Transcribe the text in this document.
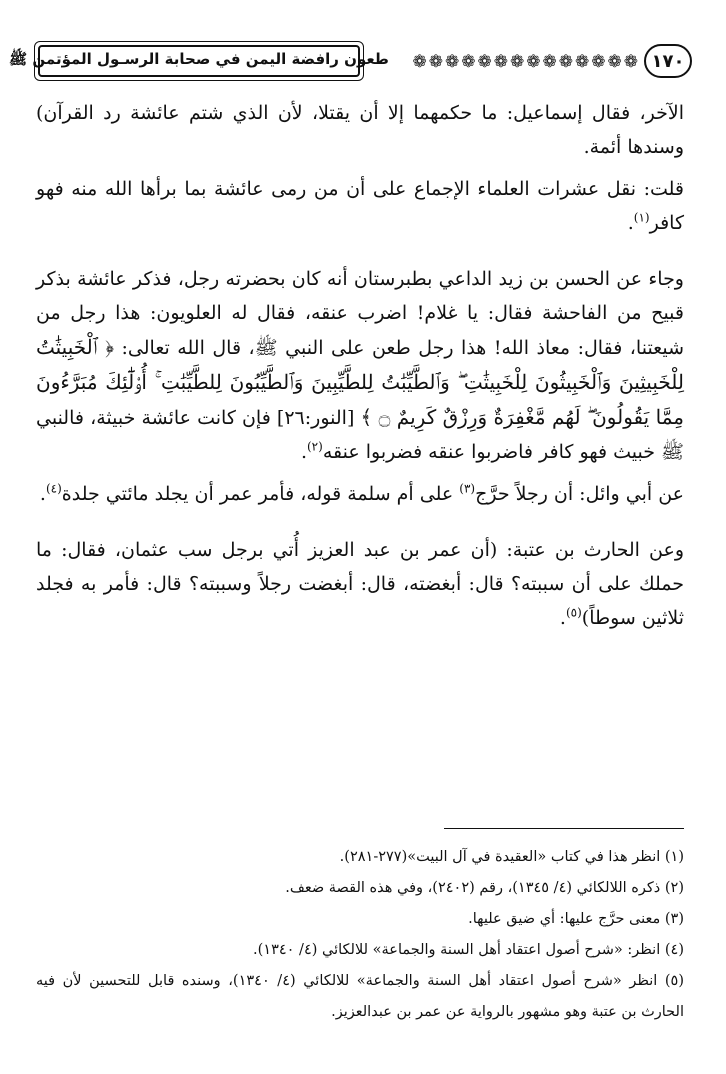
١٧٠
❁
❁
❁
❁
❁
❁
❁
❁
❁
❁
❁
❁
❁
❁
طعون رافضة اليمن في صحابة الرسـول المؤتمن ﷺ

الآخر، فقال إسماعيل: ما حكمهما إلا أن يقتلا، لأن الذي شتم عائشة رد القرآن) وسندها أئمة.

قلت: نقل عشرات العلماء الإجماع على أن من رمى عائشة بما برأها الله منه فهو كافر$^{(١)}$.

وجاء عن الحسن بن زيد الداعي بطبرستان أنه كان بحضرته رجل، فذكر عائشة بذكر قبيح من الفاحشة فقال: يا غلام! اضرب عنقه، فقال له العلويون: هذا رجل من شيعتنا، فقال: معاذ الله! هذا رجل طعن على النبي ﷺ، قال الله تعالى: ﴿ ٱلْخَبِيثَٰتُ لِلْخَبِيثِينَ وَٱلْخَبِيثُونَ لِلْخَبِيثَٰتِ ۖ وَٱلطَّيِّبَٰتُ لِلطَّيِّبِينَ وَٱلطَّيِّبُونَ لِلطَّيِّبَٰتِ ۚ أُو۟لَٰٓئِكَ مُبَرَّءُونَ مِمَّا يَقُولُونَ ۖ لَهُم مَّغْفِرَةٌ وَرِزْقٌ كَرِيمٌ ۝ ﴾ [النور:٢٦] فإن كانت عائشة خبيثة، فالنبي ﷺ خبيث فهو كافر فاضربوا عنقه فضربوا عنقه$^{(٢)}$.

عن أبي وائل: أن رجلاً حرَّج$^{(٣)}$ على أم سلمة قوله، فأمر عمر أن يجلد مائتي جلدة$^{(٤)}$.

وعن الحارث بن عتبة: (أن عمر بن عبد العزيز أُتي برجل سب عثمان، فقال: ما حملك على أن سببته؟ قال: أبغضته، قال: أبغضت رجلاً وسببته؟ قال: فأمر به فجلد ثلاثين سوطاً)$^{(٥)}$.

(١) انظر هذا في كتاب «العقيدة في آل البيت»(٢٧٧-٢٨١).
(٢) ذكره اللالكائي (٤/ ١٣٤٥)، رقم (٢٤٠٢)، وفي هذه القصة ضعف.
(٣) معنى حرَّج عليها: أي ضيق عليها.
(٤) انظر: «شرح أصول اعتقاد أهل السنة والجماعة» للالكائي (٤/ ١٣٤٠).
(٥) انظر «شرح أصول اعتقاد أهل السنة والجماعة» للالكائي (٤/ ١٣٤٠)، وسنده قابل للتحسين لأن فيه الحارث بن عتبة وهو مشهور بالرواية عن عمر بن عبدالعزيز.
